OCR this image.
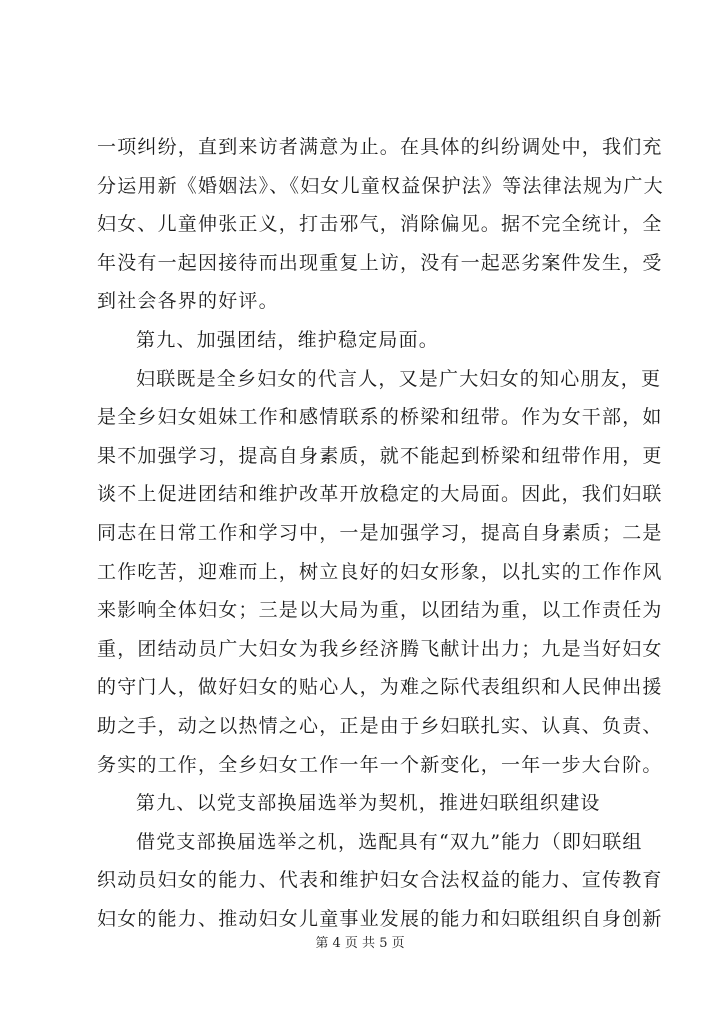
一项纠纷，直到来访者满意为止。在具体的纠纷调处中，我们充
分运用新《婚姻法》、《妇女儿童权益保护法》等法律法规为广大
妇女、儿童伸张正义，打击邪气，消除偏见。据不完全统计，全
年没有一起因接待而出现重复上访，没有一起恶劣案件发生，受
到社会各界的好评。
第九、加强团结，维护稳定局面。
妇联既是全乡妇女的代言人，又是广大妇女的知心朋友，更
是全乡妇女姐妹工作和感情联系的桥梁和纽带。作为女干部，如
果不加强学习，提高自身素质，就不能起到桥梁和纽带作用，更
谈不上促进团结和维护改革开放稳定的大局面。因此，我们妇联
同志在日常工作和学习中，一是加强学习，提高自身素质；二是
工作吃苦，迎难而上，树立良好的妇女形象，以扎实的工作作风
来影响全体妇女；三是以大局为重，以团结为重，以工作责任为
重，团结动员广大妇女为我乡经济腾飞献计出力；九是当好妇女
的守门人，做好妇女的贴心人，为难之际代表组织和人民伸出援
助之手，动之以热情之心，正是由于乡妇联扎实、认真、负责、
务实的工作，全乡妇女工作一年一个新变化，一年一步大台阶。
第九、以党支部换届选举为契机，推进妇联组织建设
借党支部换届选举之机，选配具有“双九”能力（即妇联组
织动员妇女的能力、代表和维护妇女合法权益的能力、宣传教育
妇女的能力、推动妇女儿童事业发展的能力和妇联组织自身创新
第 4 页 共 5 页
